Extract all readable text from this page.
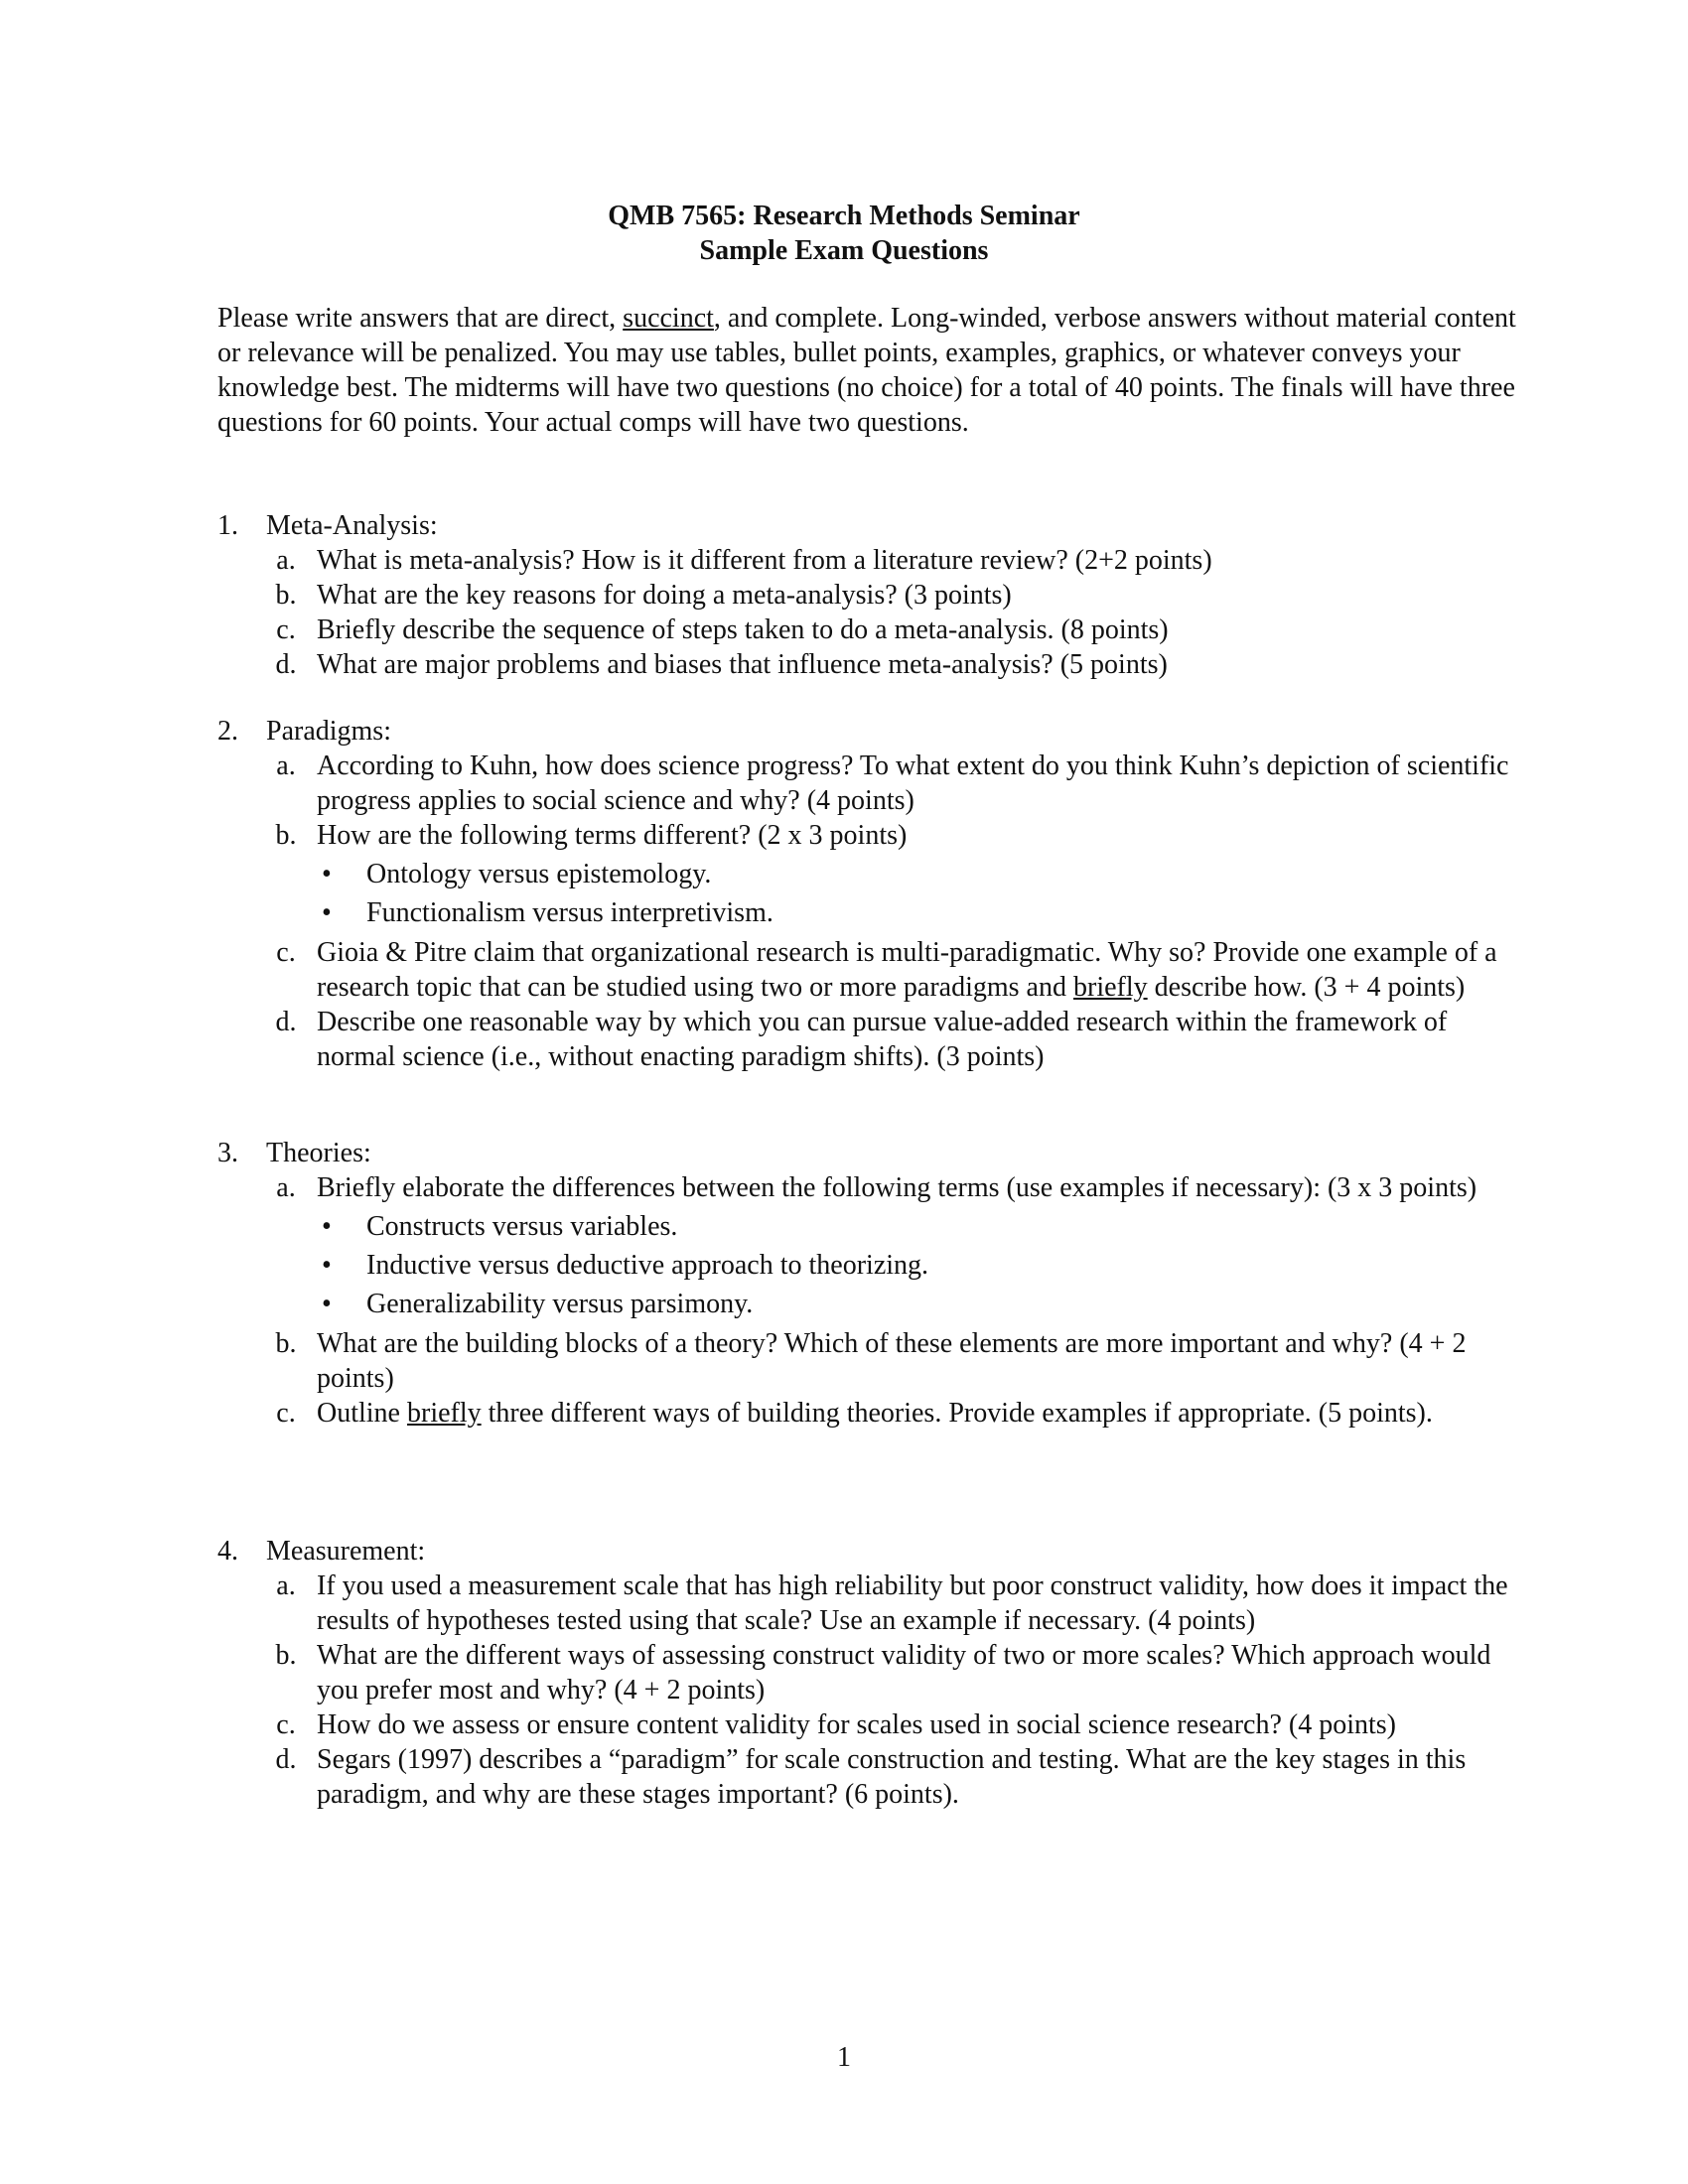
QMB 7565: Research Methods Seminar
Sample Exam Questions
Please write answers that are direct, succinct, and complete. Long-winded, verbose answers without material content or relevance will be penalized. You may use tables, bullet points, examples, graphics, or whatever conveys your knowledge best. The midterms will have two questions (no choice) for a total of 40 points. The finals will have three questions for 60 points. Your actual comps will have two questions.
1. Meta-Analysis:
a. What is meta-analysis? How is it different from a literature review? (2+2 points)
b. What are the key reasons for doing a meta-analysis? (3 points)
c. Briefly describe the sequence of steps taken to do a meta-analysis. (8 points)
d. What are major problems and biases that influence meta-analysis? (5 points)
2. Paradigms:
a. According to Kuhn, how does science progress? To what extent do you think Kuhn’s depiction of scientific progress applies to social science and why? (4 points)
b. How are the following terms different? (2 x 3 points)
• Ontology versus epistemology.
• Functionalism versus interpretivism.
c. Gioia & Pitre claim that organizational research is multi-paradigmatic. Why so? Provide one example of a research topic that can be studied using two or more paradigms and briefly describe how. (3 + 4 points)
d. Describe one reasonable way by which you can pursue value-added research within the framework of normal science (i.e., without enacting paradigm shifts). (3 points)
3. Theories:
a. Briefly elaborate the differences between the following terms (use examples if necessary): (3 x 3 points)
• Constructs versus variables.
• Inductive versus deductive approach to theorizing.
• Generalizability versus parsimony.
b. What are the building blocks of a theory? Which of these elements are more important and why? (4 + 2 points)
c. Outline briefly three different ways of building theories. Provide examples if appropriate. (5 points).
4. Measurement:
a. If you used a measurement scale that has high reliability but poor construct validity, how does it impact the results of hypotheses tested using that scale? Use an example if necessary. (4 points)
b. What are the different ways of assessing construct validity of two or more scales? Which approach would you prefer most and why? (4 + 2 points)
c. How do we assess or ensure content validity for scales used in social science research? (4 points)
d. Segars (1997) describes a “paradigm” for scale construction and testing. What are the key stages in this paradigm, and why are these stages important? (6 points).
1
